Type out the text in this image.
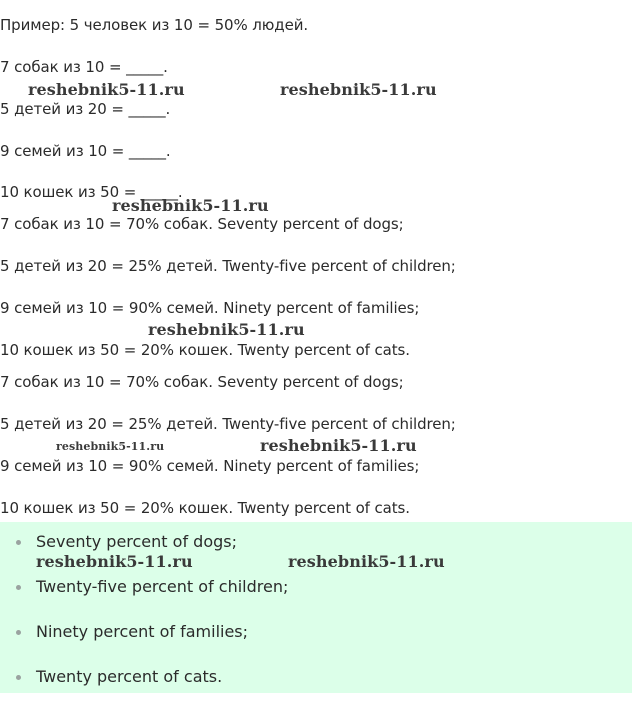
Пример: 5 человек из 10 = 50% людей.
7 собак из 10 = _____.
5 детей из 20 = _____.
9 семей из 10 = _____.
10 кошек из 50 = _____.
7 собак из 10 = 70% собак. Seventy percent of dogs;
5 детей из 20 = 25% детей. Twenty-five percent of children;
9 семей из 10 = 90% семей. Ninety percent of families;
10 кошек из 50 = 20% кошек. Twenty percent of cats.
7 собак из 10 = 70% собак. Seventy percent of dogs;
5 детей из 20 = 25% детей. Twenty-five percent of children;
9 семей из 10 = 90% семей. Ninety percent of families;
10 кошек из 50 = 20% кошек. Twenty percent of cats.
Seventy percent of dogs;
Twenty-five percent of children;
Ninety percent of families;
Twenty percent of cats.
reshebnik5-11.ru	reshebnik5-11.ru
reshebnik5-11.ru
reshebnik5-11.ru
reshebnik5-11.ru	reshebnik5-11.ru
reshebnik5-11.ru	reshebnik5-11.ru
